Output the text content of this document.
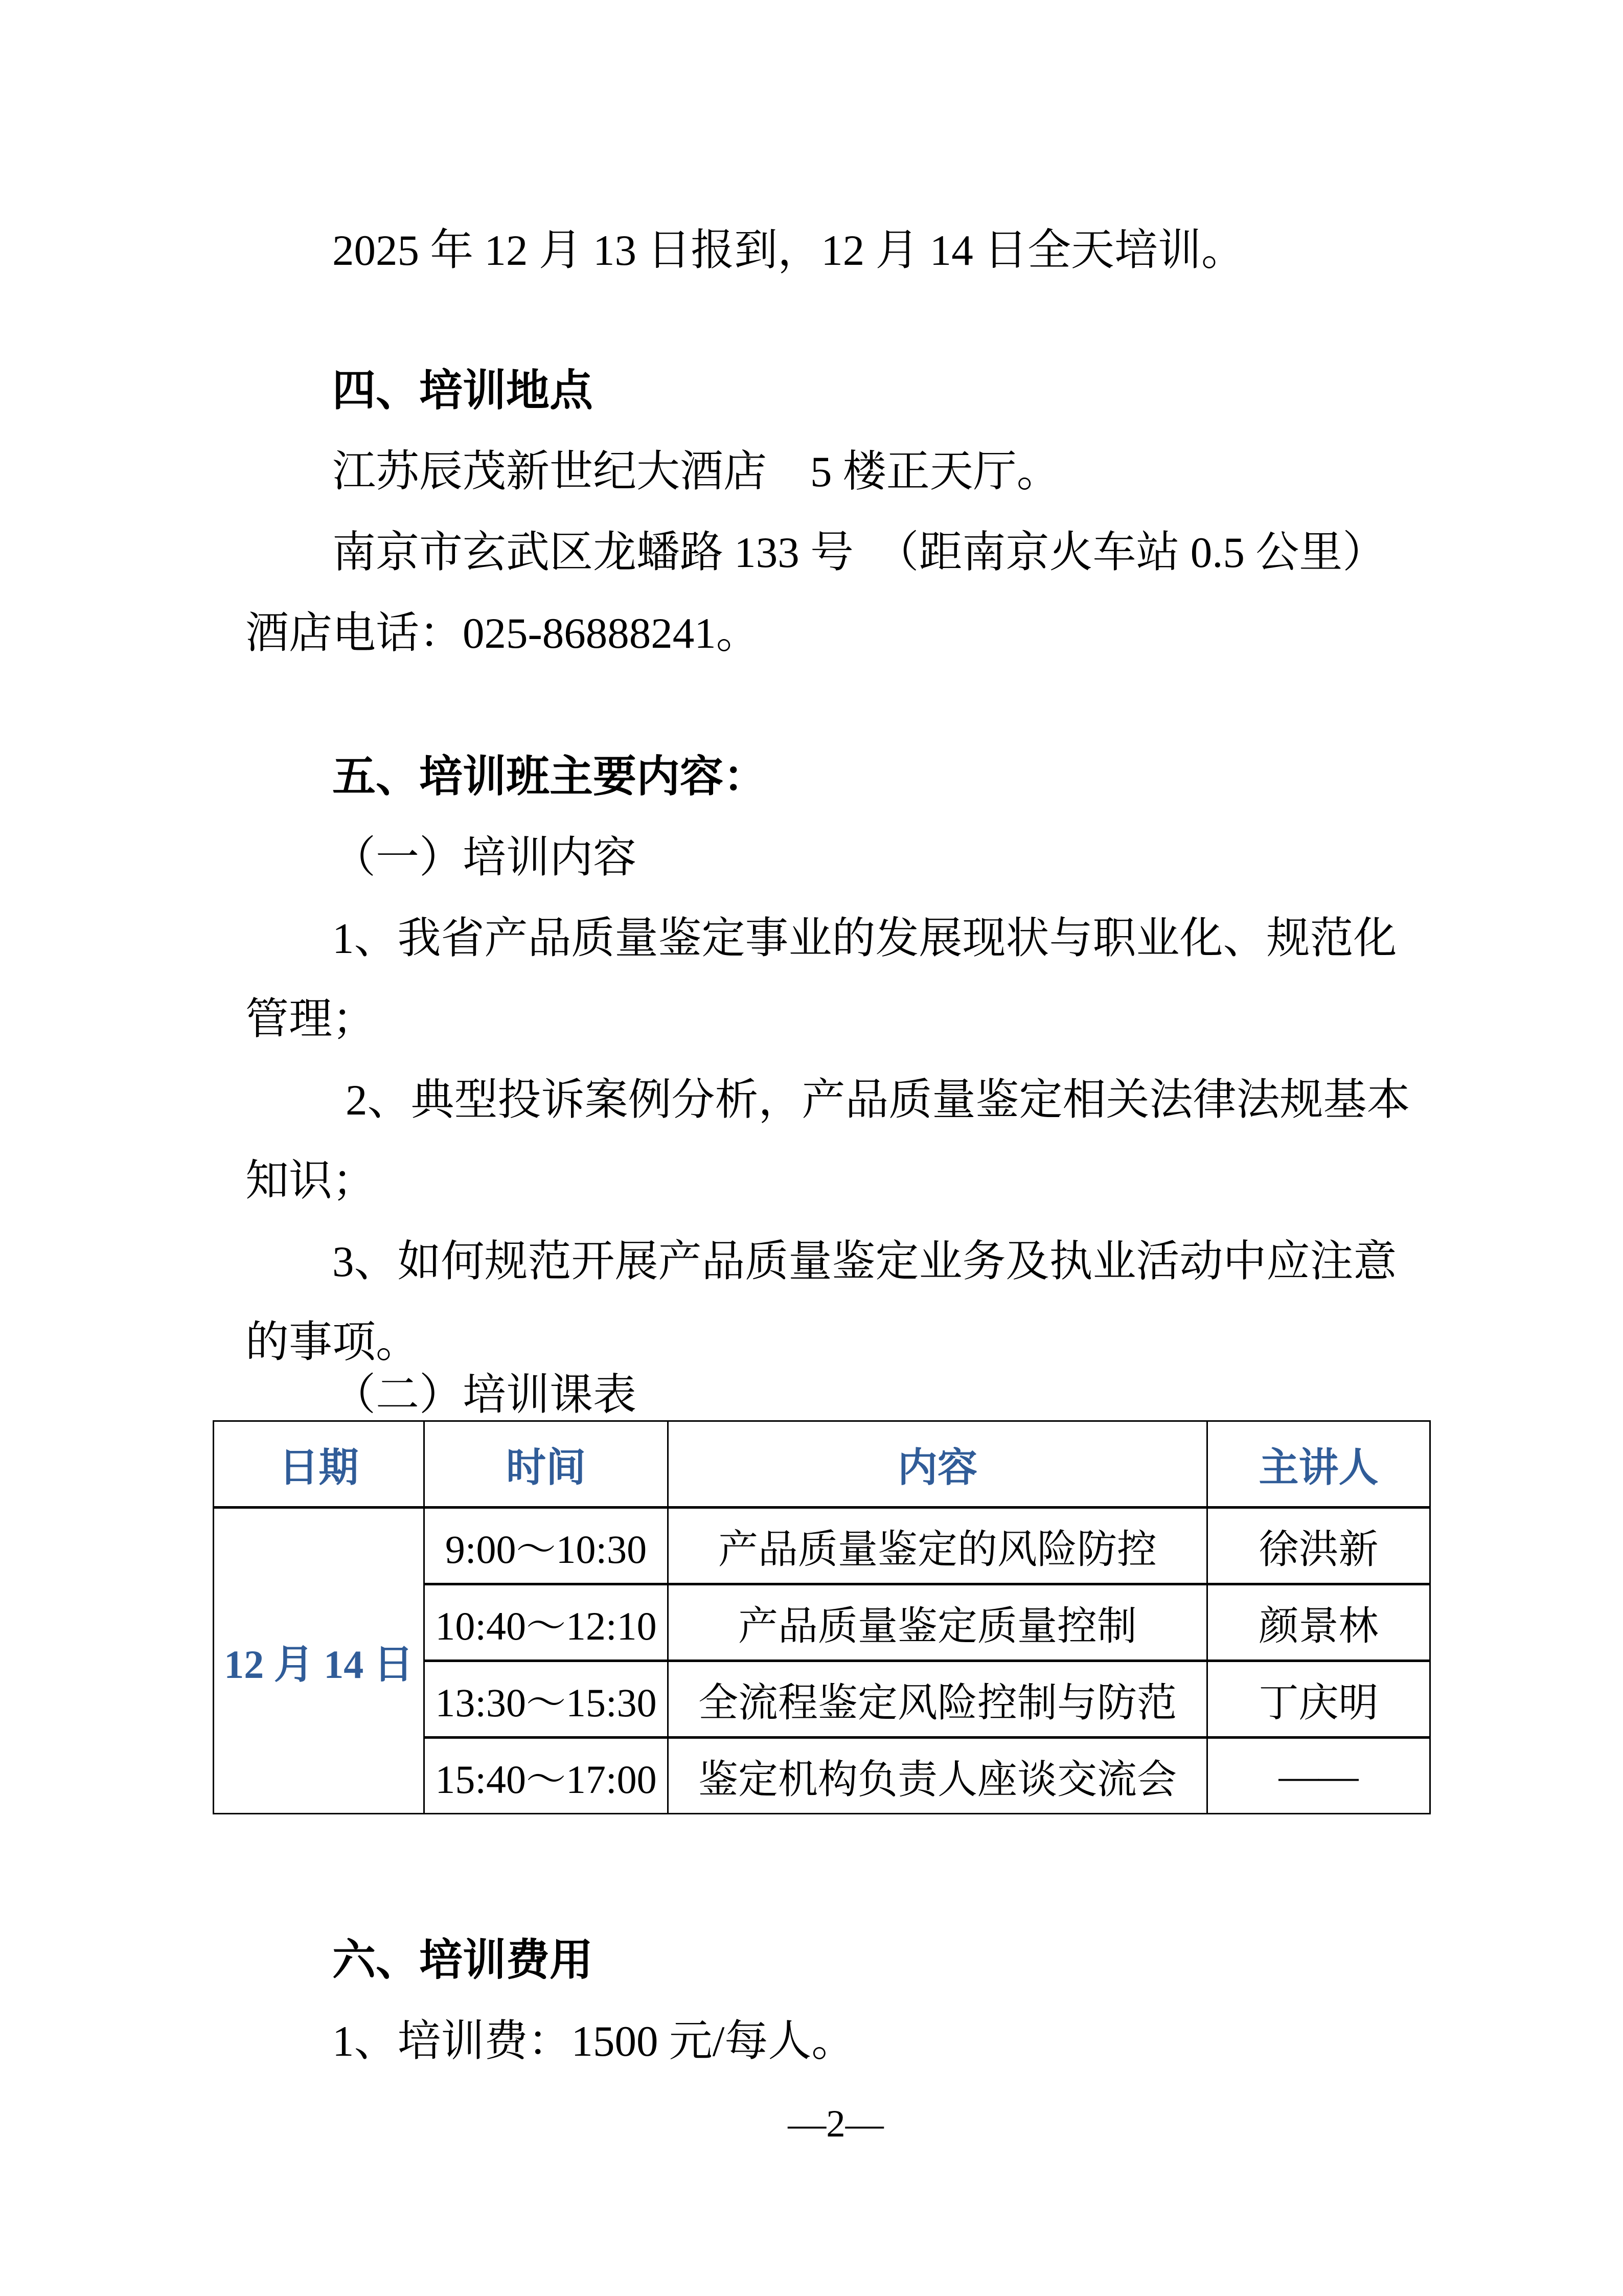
2025 年 12 月 13 日报到，12 月 14 日全天培训。

四、培训地点

江苏辰茂新世纪大酒店　5 楼正天厅。

南京市玄武区龙蟠路 133 号　（距南京火车站 0.5 公里）　酒店电话：025-86888241。

五、培训班主要内容：

（一）培训内容

1、我省产品质量鉴定事业的发展现状与职业化、规范化管理；

2、典型投诉案例分析，产品质量鉴定相关法律法规基本知识；

3、如何规范开展产品质量鉴定业务及执业活动中应注意的事项。

（二）培训课表

日期	时间	内容	主讲人
12 月 14 日	9:00～10:30	产品质量鉴定的风险防控	徐洪新
	10:40～12:10	产品质量鉴定质量控制	颜景林
	13:30～15:30	全流程鉴定风险控制与防范	丁庆明
	15:40～17:00	鉴定机构负责人座谈交流会	——
六、培训费用

1、培训费：1500 元/每人。

—2—
